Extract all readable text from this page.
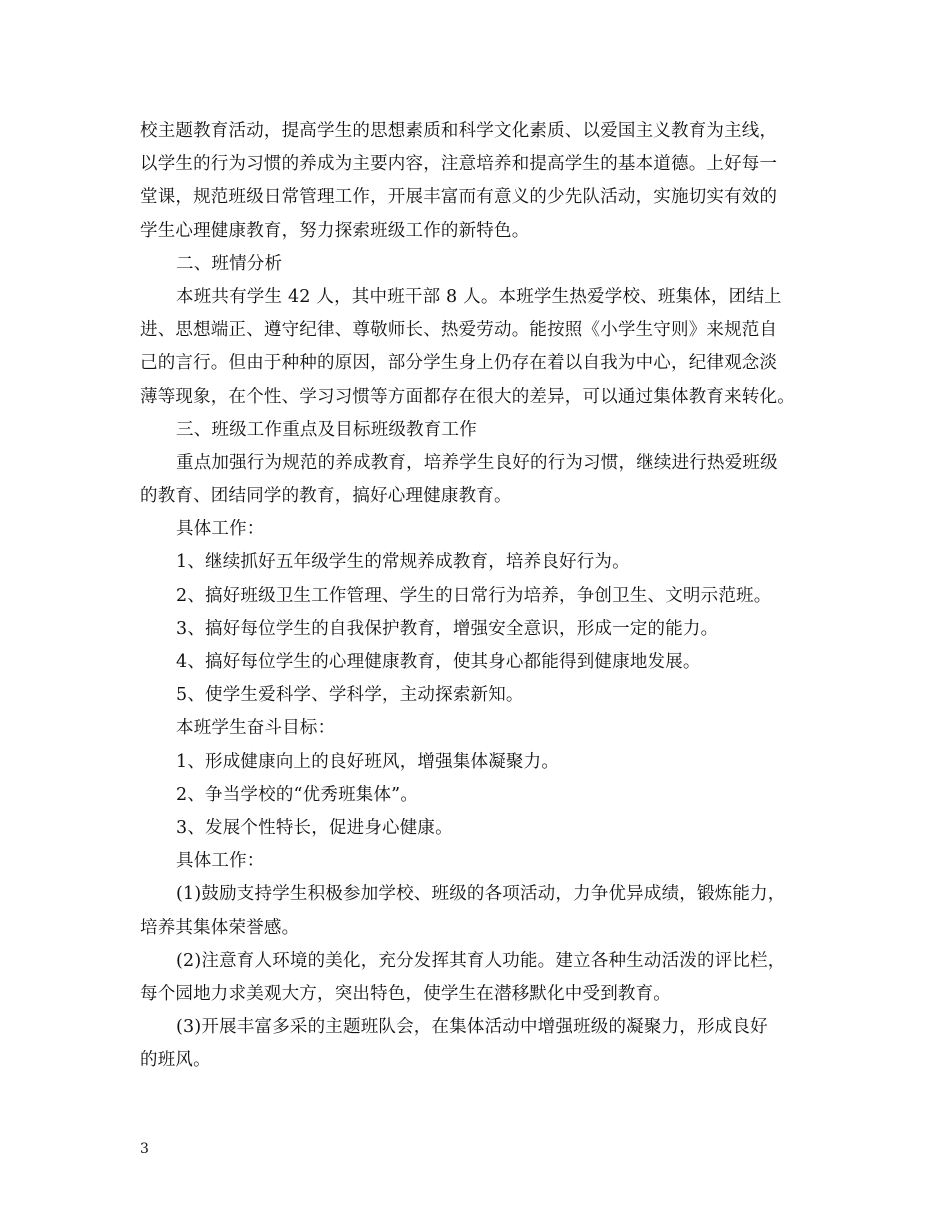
校主题教育活动，提高学生的思想素质和科学文化素质、以爱国主义教育为主线，
以学生的行为习惯的养成为主要内容，注意培养和提高学生的基本道德。上好每一
堂课，规范班级日常管理工作，开展丰富而有意义的少先队活动，实施切实有效的
学生心理健康教育，努力探索班级工作的新特色。
二、班情分析
本班共有学生 42 人，其中班干部 8 人。本班学生热爱学校、班集体，团结上
进、思想端正、遵守纪律、尊敬师长、热爱劳动。能按照《小学生守则》来规范自
己的言行。但由于种种的原因，部分学生身上仍存在着以自我为中心，纪律观念淡
薄等现象，在个性、学习习惯等方面都存在很大的差异，可以通过集体教育来转化。
三、班级工作重点及目标班级教育工作
重点加强行为规范的养成教育，培养学生良好的行为习惯，继续进行热爱班级
的教育、团结同学的教育，搞好心理健康教育。
具体工作：
1、继续抓好五年级学生的常规养成教育，培养良好行为。
2、搞好班级卫生工作管理、学生的日常行为培养，争创卫生、文明示范班。
3、搞好每位学生的自我保护教育，增强安全意识，形成一定的能力。
4、搞好每位学生的心理健康教育，使其身心都能得到健康地发展。
5、使学生爱科学、学科学，主动探索新知。
本班学生奋斗目标：
1、形成健康向上的良好班风，增强集体凝聚力。
2、争当学校的“优秀班集体”。
3、发展个性特长，促进身心健康。
具体工作：
(1)鼓励支持学生积极参加学校、班级的各项活动，力争优异成绩，锻炼能力，
培养其集体荣誉感。
(2)注意育人环境的美化，充分发挥其育人功能。建立各种生动活泼的评比栏，
每个园地力求美观大方，突出特色，使学生在潜移默化中受到教育。
(3)开展丰富多采的主题班队会，在集体活动中增强班级的凝聚力，形成良好
的班风。
3
